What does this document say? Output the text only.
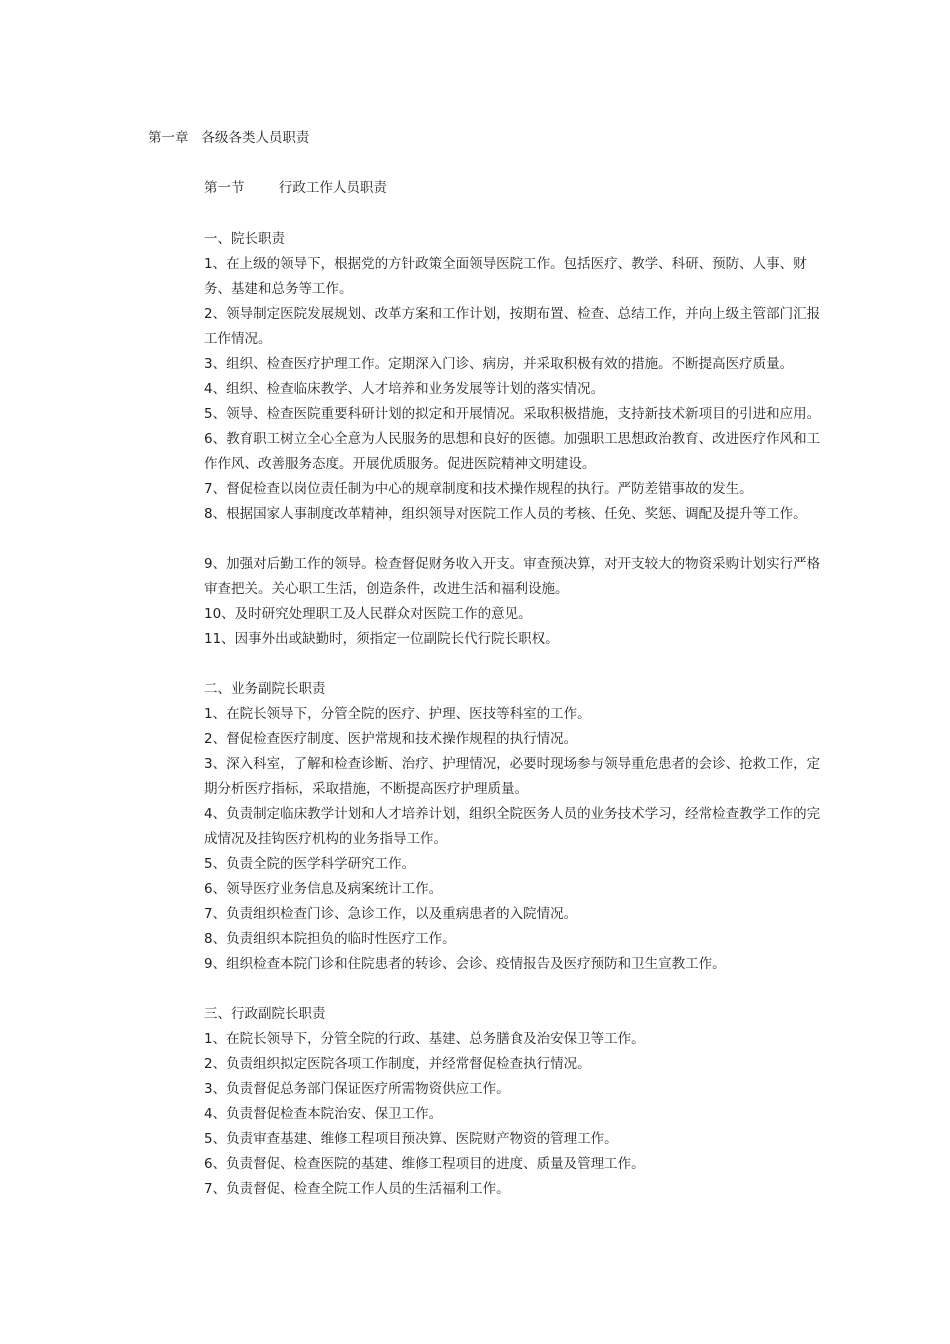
第一章   各级各类人员职责
第一节        行政工作人员职责

一、院长职责

1、在上级的领导下，根据党的方针政策全面领导医院工作。包括医疗、教学、科研、预防、人事、财务、基建和总务等工作。

2、领导制定医院发展规划、改革方案和工作计划，按期布置、检查、总结工作，并向上级主管部门汇报工作情况。

3、组织、检查医疗护理工作。定期深入门诊、病房，并采取积极有效的措施。不断提高医疗质量。

4、组织、检查临床教学、人才培养和业务发展等计划的落实情况。

5、领导、检查医院重要科研计划的拟定和开展情况。采取积极措施，支持新技术新项目的引进和应用。

6、教育职工树立全心全意为人民服务的思想和良好的医德。加强职工思想政治教育、改进医疗作风和工作作风、改善服务态度。开展优质服务。促进医院精神文明建设。

7、督促检查以岗位责任制为中心的规章制度和技术操作规程的执行。严防差错事故的发生。

8、根据国家人事制度改革精神，组织领导对医院工作人员的考核、任免、奖惩、调配及提升等工作。

9、加强对后勤工作的领导。检查督促财务收入开支。审查预决算，对开支较大的物资采购计划实行严格审查把关。关心职工生活，创造条件，改进生活和福利设施。

10、及时研究处理职工及人民群众对医院工作的意见。

11、因事外出或缺勤时，须指定一位副院长代行院长职权。

二、业务副院长职责

1、在院长领导下，分管全院的医疗、护理、医技等科室的工作。

2、督促检查医疗制度、医护常规和技术操作规程的执行情况。

3、深入科室，了解和检查诊断、治疗、护理情况，必要时现场参与领导重危患者的会诊、抢救工作，定期分析医疗指标，采取措施，不断提高医疗护理质量。

4、负责制定临床教学计划和人才培养计划，组织全院医务人员的业务技术学习，经常检查教学工作的完成情况及挂钩医疗机构的业务指导工作。

5、负责全院的医学科学研究工作。

6、领导医疗业务信息及病案统计工作。

7、负责组织检查门诊、急诊工作，以及重病患者的入院情况。

8、负责组织本院担负的临时性医疗工作。

9、组织检查本院门诊和住院患者的转诊、会诊、疫情报告及医疗预防和卫生宣教工作。

三、行政副院长职责

1、在院长领导下，分管全院的行政、基建、总务膳食及治安保卫等工作。

2、负责组织拟定医院各项工作制度，并经常督促检查执行情况。

3、负责督促总务部门保证医疗所需物资供应工作。

4、负责督促检查本院治安、保卫工作。

5、负责审查基建、维修工程项目预决算、医院财产物资的管理工作。

6、负责督促、检查医院的基建、维修工程项目的进度、质量及管理工作。

7、负责督促、检查全院工作人员的生活福利工作。
